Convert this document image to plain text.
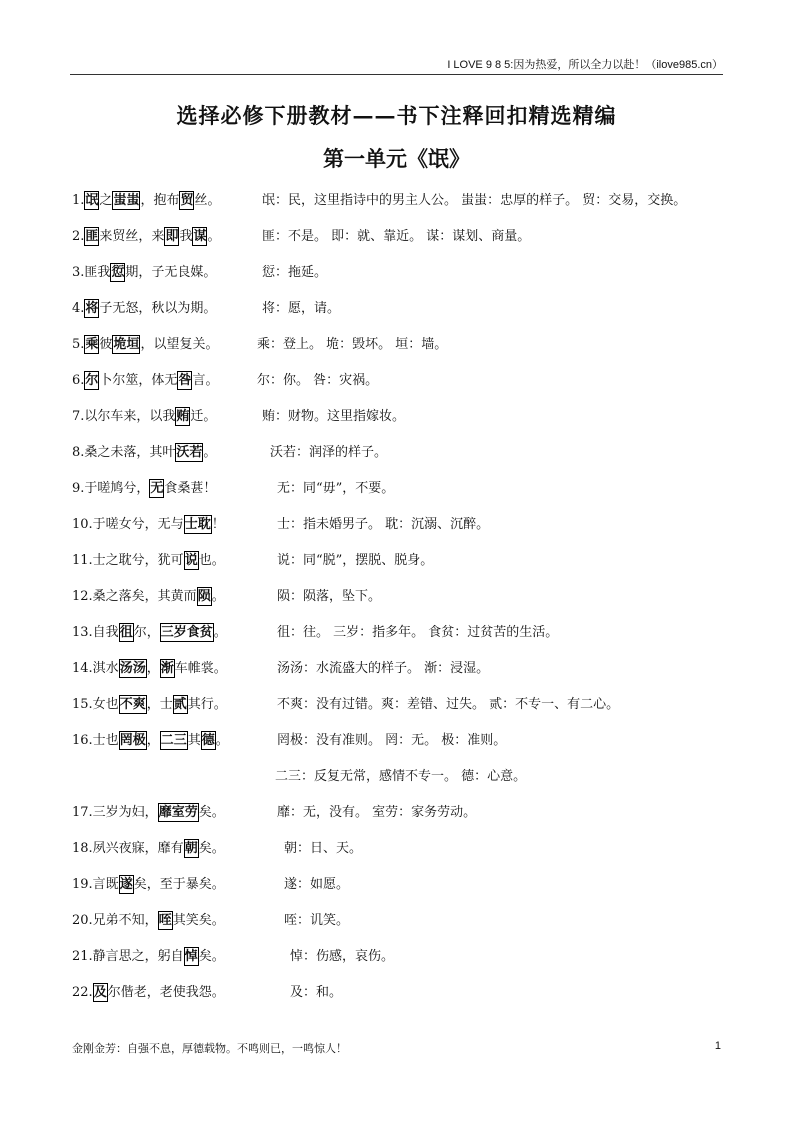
I LOVE 9 8 5:因为热爱，所以全力以赴！（ilove985.cn）
选择必修下册教材——书下注释回扣精选精编
第一单元《氓》
1.氓之蚩蚩，抱布贸丝。	氓：民，这里指诗中的男主人公。 蚩蚩：忠厚的样子。 贸：交易，交换。
2.匪来贸丝，来即我谋。	匪：不是。 即：就、靠近。 谋：谋划、商量。
3.匪我愆期，子无良媒。	愆：拖延。
4.将子无怒，秋以为期。	将：愿，请。
5.乘彼垝垣，以望复关。	乘：登上。 垝：毁坏。 垣：墙。
6.尔卜尔筮，体无咎言。	尔：你。 咎：灾祸。
7.以尔车来，以我贿迁。	贿：财物。这里指嫁妆。
8.桑之未落，其叶沃若。	沃若：润泽的样子。
9.于嗟鸠兮，无食桑葚！	无：同“毋”，不要。
10.于嗟女兮，无与士耽！	士：指未婚男子。 耽：沉溺、沉醉。
11.士之耽兮，犹可说也。	说：同“脱”，摆脱、脱身。
12.桑之落矣，其黄而陨。	陨：陨落，坠下。
13.自我徂尔，三岁食贫。	徂：往。 三岁：指多年。 食贫：过贫苦的生活。
14.淇水汤汤，渐车帷裳。	汤汤：水流盛大的样子。 渐：浸湿。
15.女也不爽，士贰其行。	不爽：没有过错。爽：差错、过失。 贰：不专一、有二心。
16.士也罔极，二三其德。	罔极：没有准则。 罔：无。 极：准则。
二三：反复无常，感情不专一。 德：心意。
17.三岁为妇，靡室劳矣。	靡：无，没有。 室劳：家务劳动。
18.夙兴夜寐，靡有朝矣。	朝：日、天。
19.言既遂矣，至于暴矣。	遂：如愿。
20.兄弟不知，咥其笑矣。	咥：讥笑。
21.静言思之，躬自悼矣。	悼：伤感，哀伤。
22.及尔偕老，老使我怨。	及：和。
金刚金芳：自强不息，厚德载物。不鸣则已，一鸣惊人！	1
